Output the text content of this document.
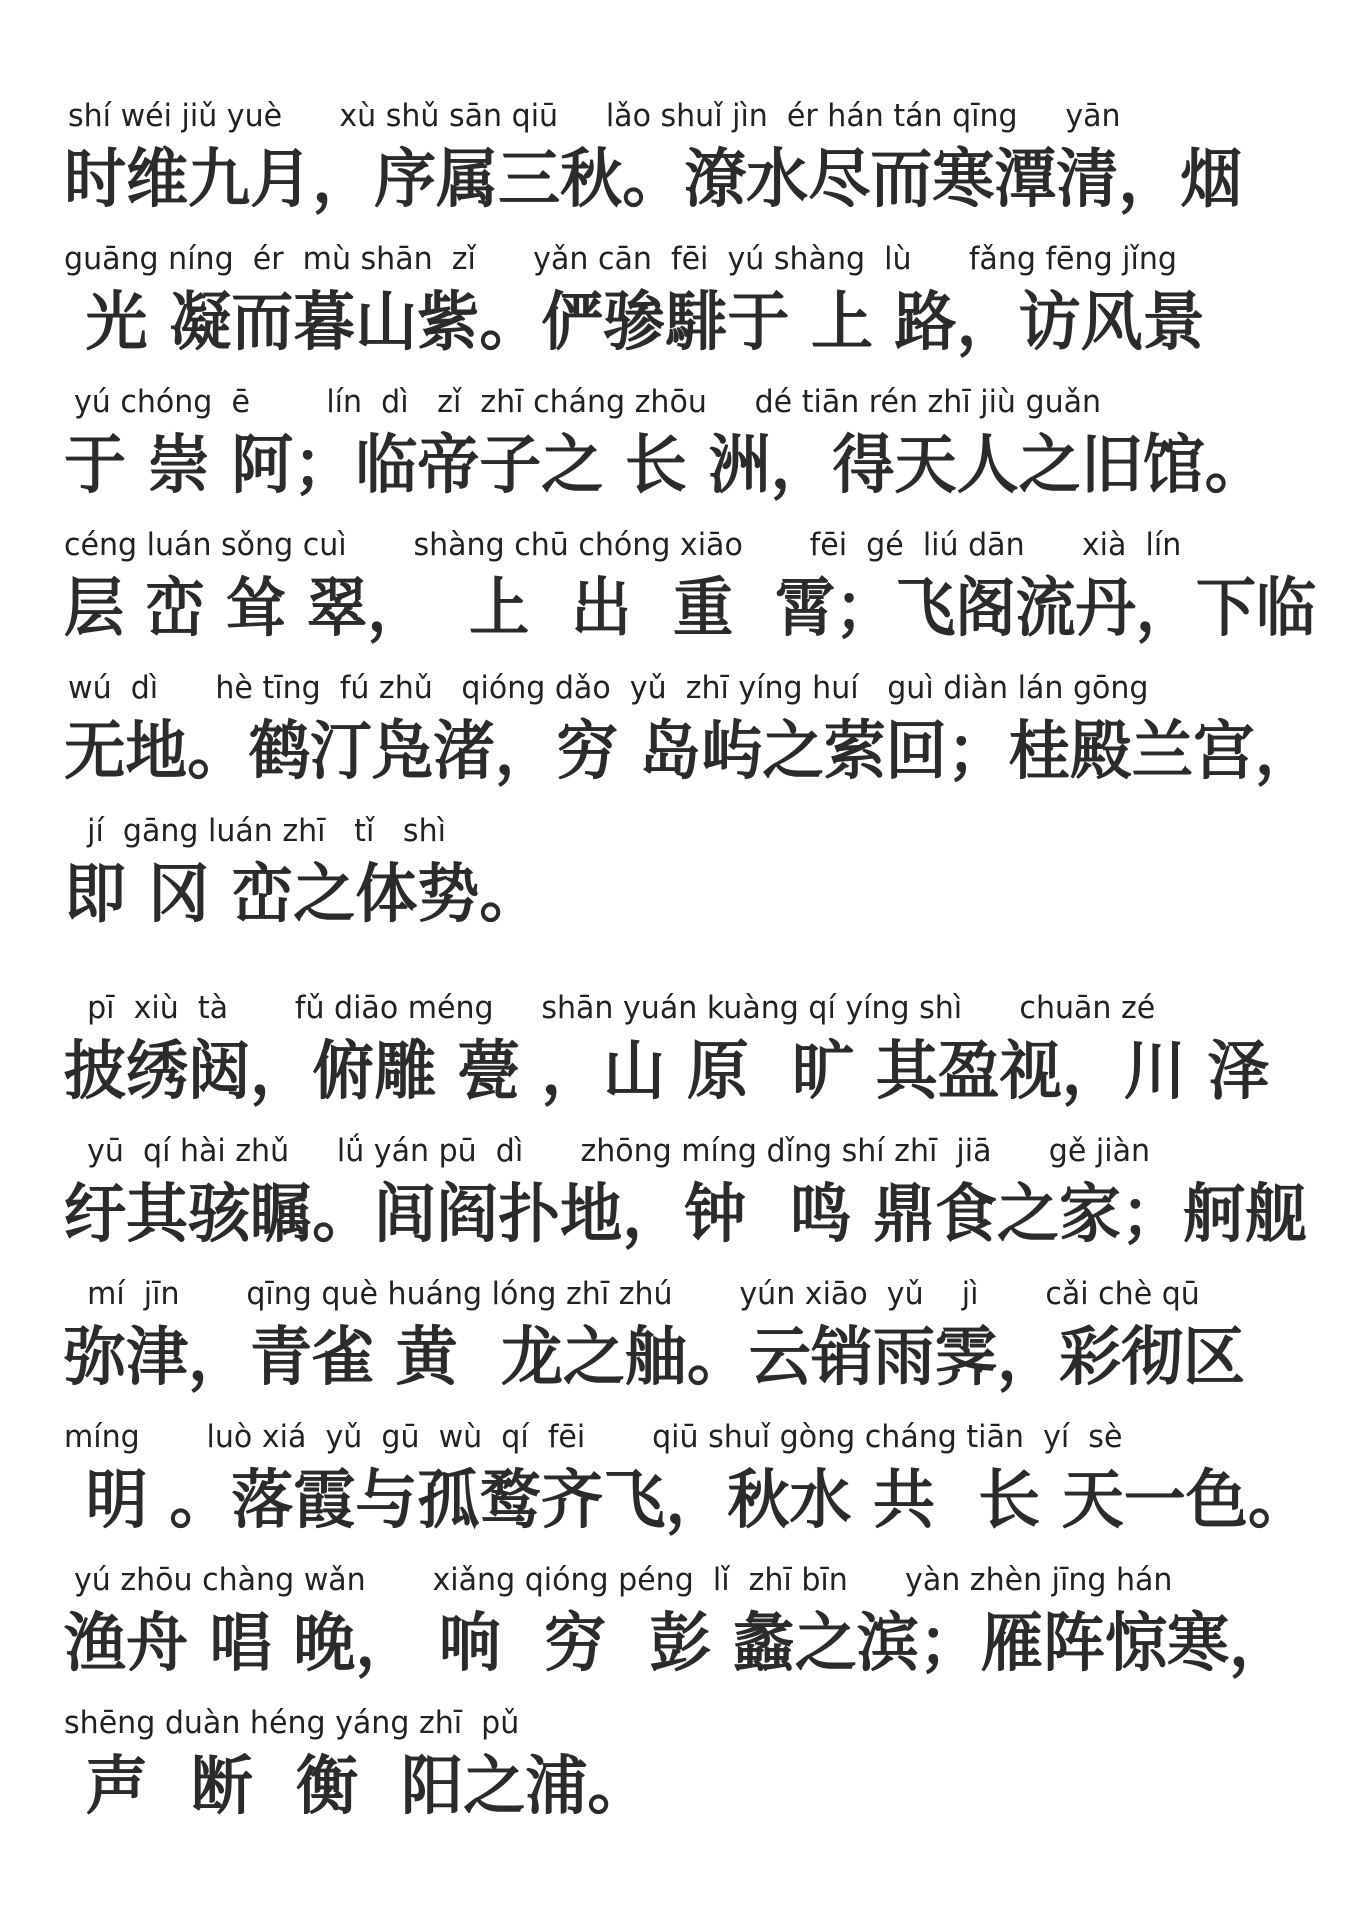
shí wéi jiǔ yuè      xù shǔ sān qiū     lǎo shuǐ jìn  ér hán tán qīng     yān
时维九月，序属三秋。潦水尽而寒潭清，烟
guāng níng  ér  mù shān  zǐ      yǎn cān  fēi  yú shàng  lù      fǎng fēng jǐng
光 凝而暮山紫。俨骖騑于 上 路，访风景
yú chóng  ē        lín  dì   zǐ  zhī cháng zhōu     dé tiān rén zhī jiù guǎn
于 崇 阿；临帝子之 长 洲，得天人之旧馆。
céng luán sǒng cuì       shàng chū chóng xiāo       fēi  gé  liú dān      xià  lín
层 峦 耸 翠，  上  出  重  霄；飞阁流丹，下临
wú  dì      hè tīng  fú zhǔ   qióng dǎo  yǔ  zhī yíng huí   guì diàn lán gōng
无地。鹤汀凫渚，穷 岛屿之萦回；桂殿兰宫，
jí  gāng luán zhī   tǐ   shì
即 冈 峦之体势。
pī  xiù  tà       fǔ diāo méng     shān yuán kuàng qí yíng shì      chuān zé
披绣闼，俯雕 甍 ，山 原  旷 其盈视，川 泽
yū  qí hài zhǔ     lǘ yán pū  dì      zhōng míng dǐng shí zhī  jiā      gě jiàn
纡其骇瞩。闾阎扑地，钟  鸣 鼎食之家；舸舰
mí  jīn       qīng què huáng lóng zhī zhú       yún xiāo  yǔ    jì       cǎi chè qū
弥津，青雀 黄  龙之舳。云销雨霁，彩彻区
míng       luò xiá  yǔ  gū  wù  qí  fēi       qiū shuǐ gòng cháng tiān  yí  sè
明 。落霞与孤鹜齐飞，秋水 共  长 天一色。
yú zhōu chàng wǎn       xiǎng qióng péng  lǐ  zhī bīn      yàn zhèn jīng hán
渔舟 唱 晚， 响  穷  彭 蠡之滨；雁阵惊寒，
shēng duàn héng yáng zhī  pǔ
声  断  衡  阳之浦。
